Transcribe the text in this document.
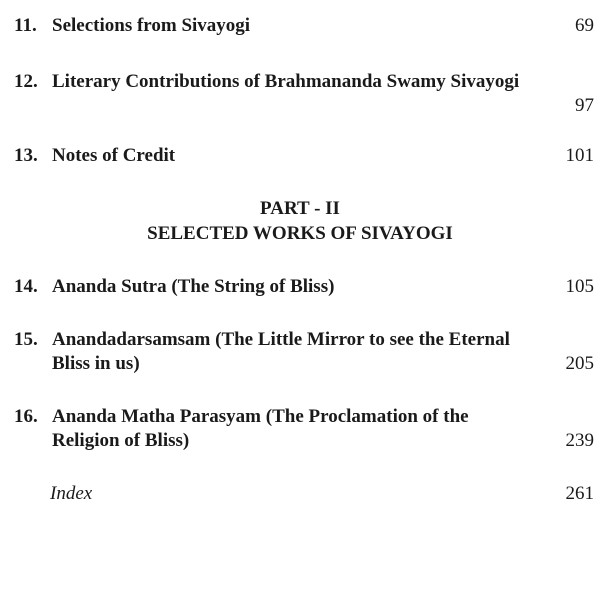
11. Selections from Sivayogi	69
12. Literary Contributions of Brahmananda Swamy Sivayogi
97
13. Notes of Credit	101
PART - II
SELECTED WORKS OF SIVAYOGI
14. Ananda Sutra (The String of Bliss)	105
15. Anandadarsamsam (The Little Mirror to see the Eternal Bliss in us)	205
16. Ananda Matha Parasyam (The Proclamation of the Religion of Bliss)	239
Index	261
